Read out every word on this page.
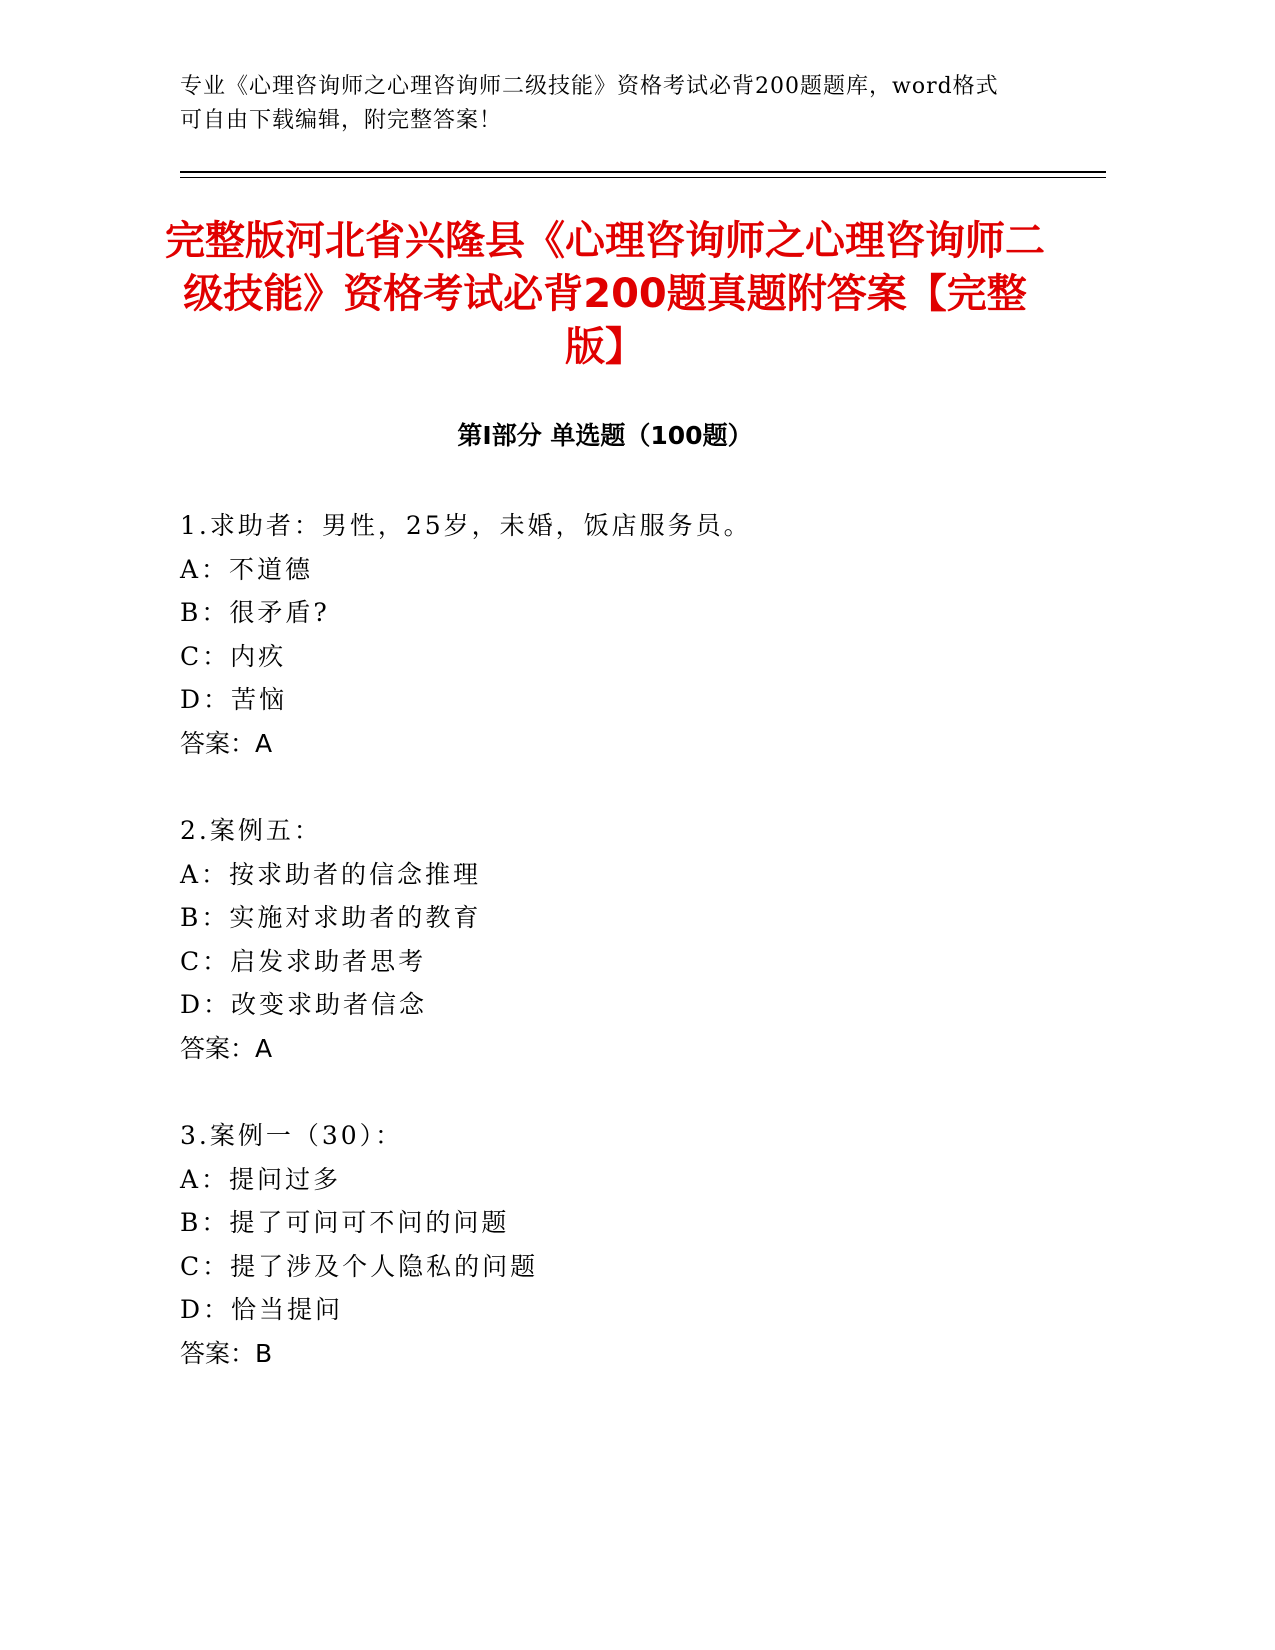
专业《心理咨询师之心理咨询师二级技能》资格考试必背200题题库，word格式
可自由下载编辑，附完整答案！
完整版河北省兴隆县《心理咨询师之心理咨询师二级技能》资格考试必背200题真题附答案【完整版】
第Ⅰ部分 单选题（100题）
1.求助者：男性，25岁，未婚，饭店服务员。
A：不道德
B：很矛盾?
C：内疚
D：苦恼
答案：A
2.案例五：
A：按求助者的信念推理
B：实施对求助者的教育
C：启发求助者思考
D：改变求助者信念
答案：A
3.案例一（30）：
A：提问过多
B：提了可问可不问的问题
C：提了涉及个人隐私的问题
D：恰当提问
答案：B
